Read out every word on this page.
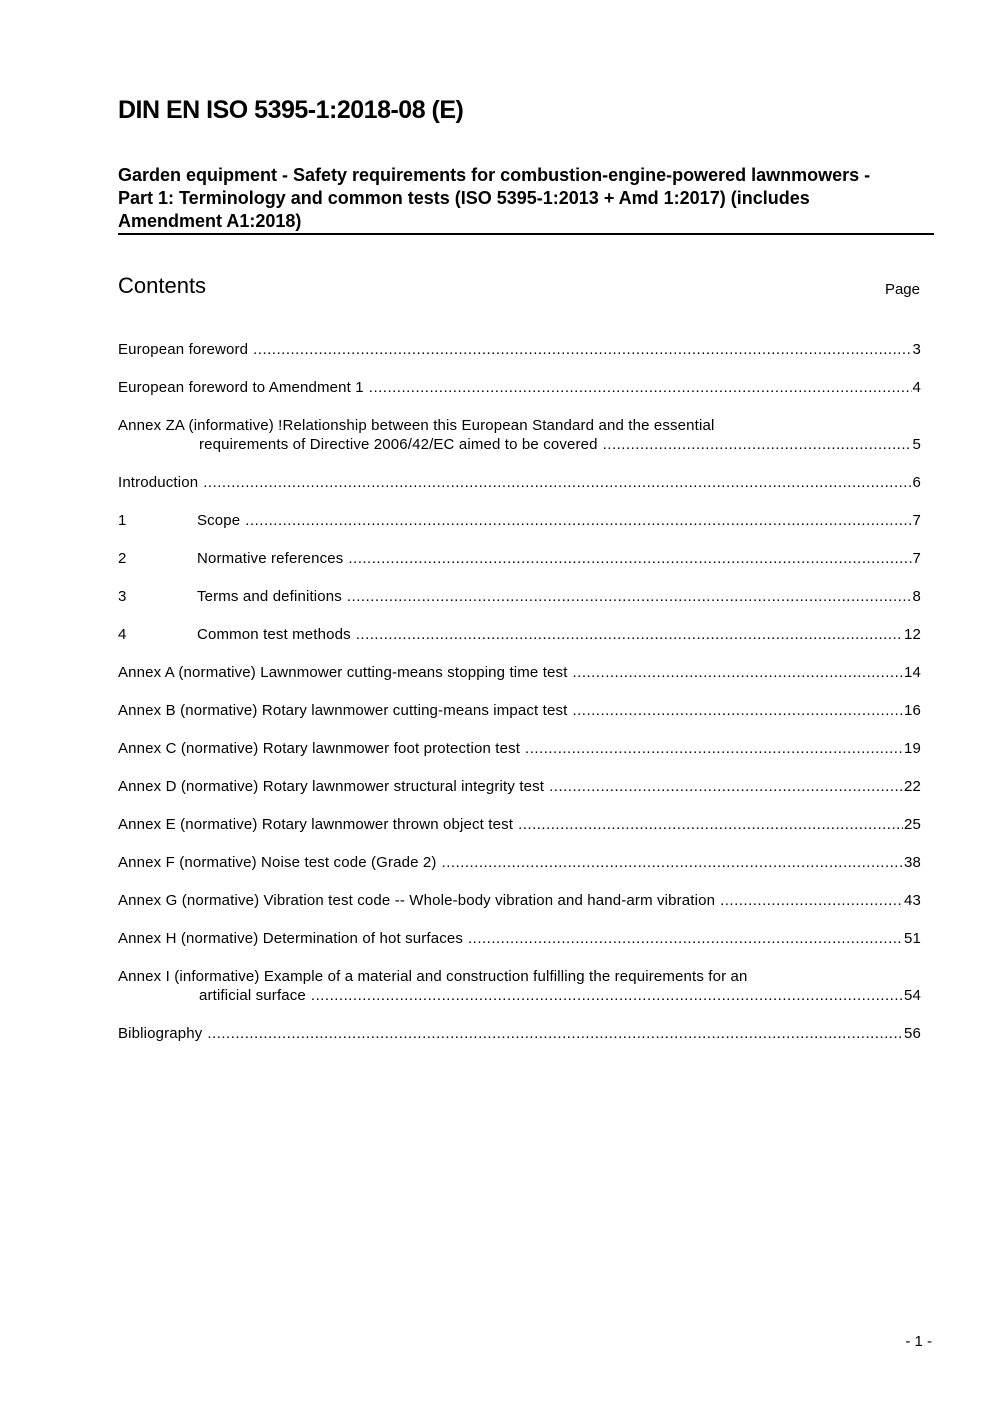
DIN EN ISO 5395-1:2018-08 (E)
Garden equipment - Safety requirements for combustion-engine-powered lawnmowers - Part 1: Terminology and common tests (ISO 5395-1:2013 + Amd 1:2017) (includes Amendment A1:2018)
Contents	Page
European foreword .....	3
European foreword to Amendment 1 .....	4
Annex ZA (informative) !Relationship between this European Standard and the essential
requirements of Directive 2006/42/EC aimed to be covered .....	5
Introduction .....	6
1	Scope .....	7
2	Normative references .....	7
3	Terms and definitions .....	8
4	Common test methods .....	12
Annex A (normative) Lawnmower cutting-means stopping time test .....	14
Annex B (normative) Rotary lawnmower cutting-means impact test .....	16
Annex C (normative) Rotary lawnmower foot protection test .....	19
Annex D (normative) Rotary lawnmower structural integrity test .....	22
Annex E (normative) Rotary lawnmower thrown object test .....	25
Annex F (normative) Noise test code (Grade 2) .....	38
Annex G (normative) Vibration test code -- Whole-body vibration and hand-arm vibration .....	43
Annex H (normative) Determination of hot surfaces .....	51
Annex I (informative) Example of a material and construction fulfilling the requirements for an
artificial surface .....	54
Bibliography .....	56
- 1 -
